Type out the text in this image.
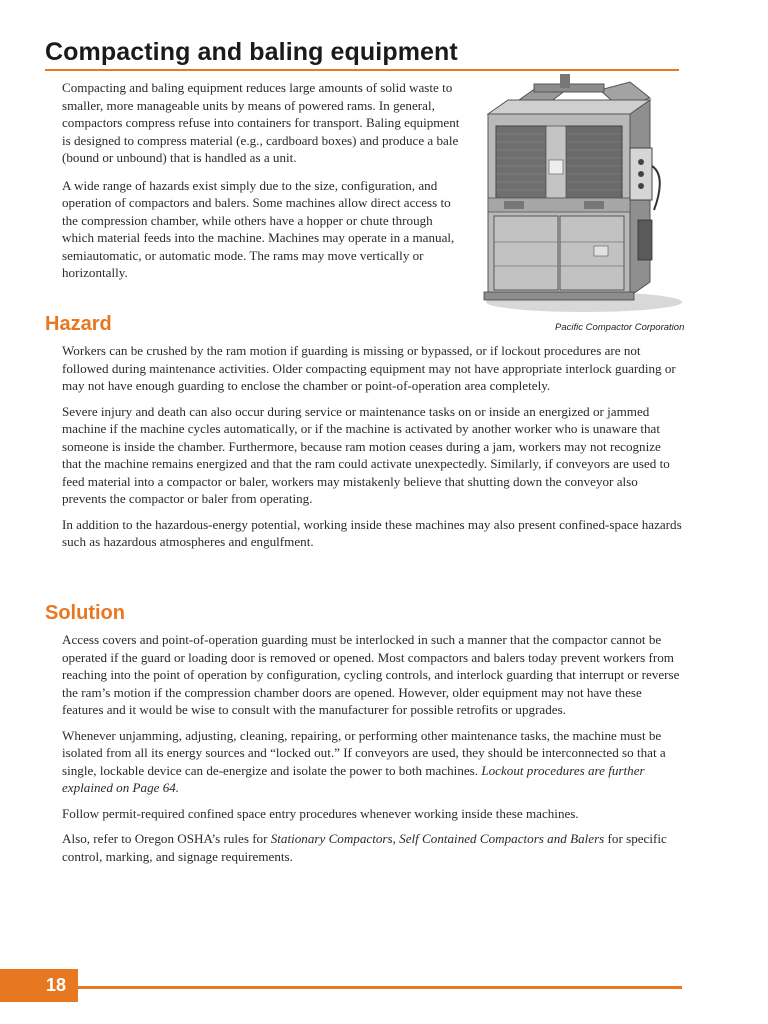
Compacting and baling equipment

Compacting and baling equipment reduces large amounts of solid waste to smaller, more manageable units by means of powered rams. In general, compactors compress refuse into containers for transport. Baling equipment is designed to compress material (e.g., cardboard boxes) and produce a bale (bound or unbound) that is handled as a unit.

A wide range of hazards exist simply due to the size, configuration, and operation of compactors and balers. Some machines allow direct access to the compression chamber, while others have a hopper or chute through which material feeds into the machine. Machines may operate in a manual, semiautomatic, or automatic mode. The rams may move vertically or horizontally.

Pacific Compactor Corporation
Hazard

Workers can be crushed by the ram motion if guarding is missing or bypassed, or if lockout procedures are not followed during maintenance activities. Older compacting equipment may not have appropriate interlock guarding or may not have enough guarding to enclose the chamber or point-of-operation area completely.

Severe injury and death can also occur during service or maintenance tasks on or inside an energized or jammed machine if the machine cycles automatically, or if the machine is activated by another worker who is unaware that someone is inside the chamber. Furthermore, because ram motion ceases during a jam, workers may not recognize that the machine remains energized and that the ram could activate unexpectedly. Similarly, if conveyors are used to feed material into a compactor or baler, workers may mistakenly believe that shutting down the conveyor also prevents the compactor or baler from operating.

In addition to the hazardous-energy potential, working inside these machines may also present confined-space hazards such as hazardous atmospheres and engulfment.

Solution

Access covers and point-of-operation guarding must be interlocked in such a manner that the compactor cannot be operated if the guard or loading door is removed or opened. Most compactors and balers today prevent workers from reaching into the point of operation by configuration, cycling controls, and interlock guarding that interrupt or reverse the ram’s motion if the compression chamber doors are opened. However, older equipment may not have these features and it would be wise to consult with the manufacturer for possible retrofits or upgrades.

Whenever unjamming, adjusting, cleaning, repairing, or performing other maintenance tasks, the machine must be isolated from all its energy sources and “locked out.” If conveyors are used, they should be interconnected so that a single, lockable device can de-energize and isolate the power to both machines. Lockout procedures are further explained on Page 64.

Follow permit-required confined space entry procedures whenever working inside these machines.

Also, refer to Oregon OSHA’s rules for Stationary Compactors, Self Contained Compactors and Balers for specific control, marking, and signage requirements.

18
